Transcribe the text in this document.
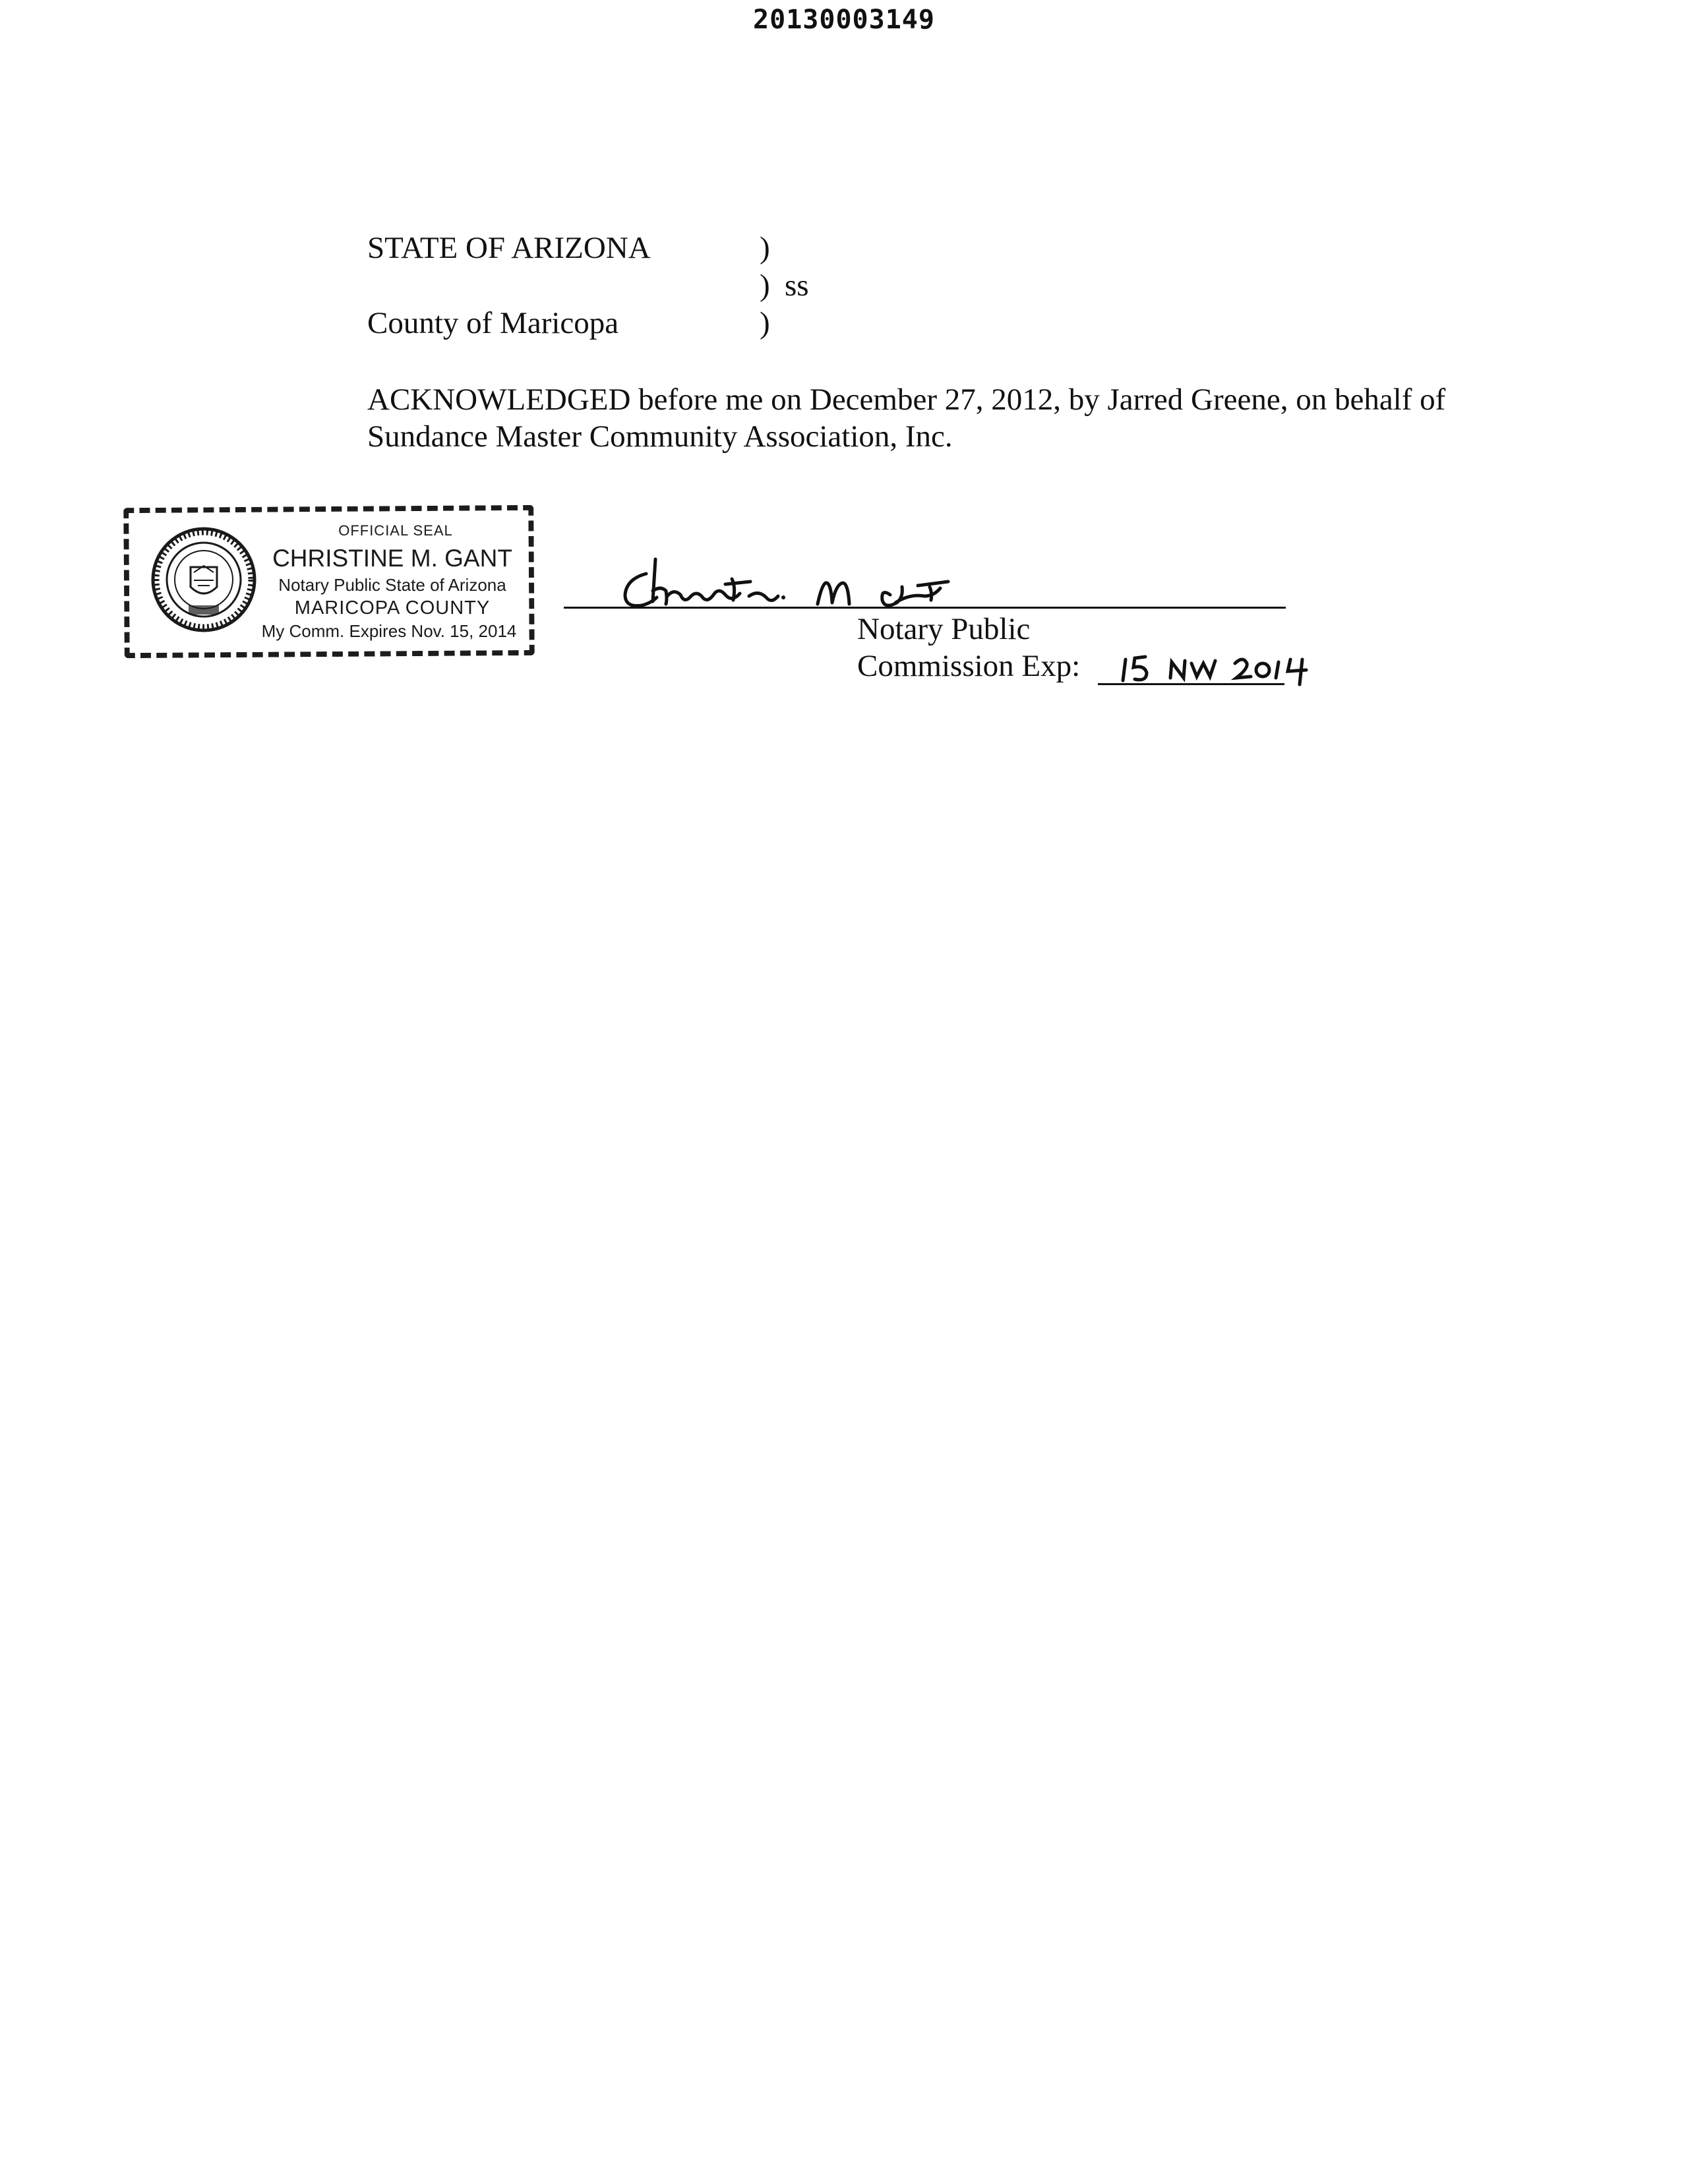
20130003149
STATE OF ARIZONA	)
) ss
County of Maricopa	)
ACKNOWLEDGED before me on December 27, 2012, by Jarred Greene, on behalf of
Sundance Master Community Association, Inc.
OFFICIAL SEAL
CHRISTINE M. GANT
Notary Public State of Arizona
MARICOPA COUNTY
My Comm. Expires Nov. 15, 2014	Notary Public
Commission Exp:
